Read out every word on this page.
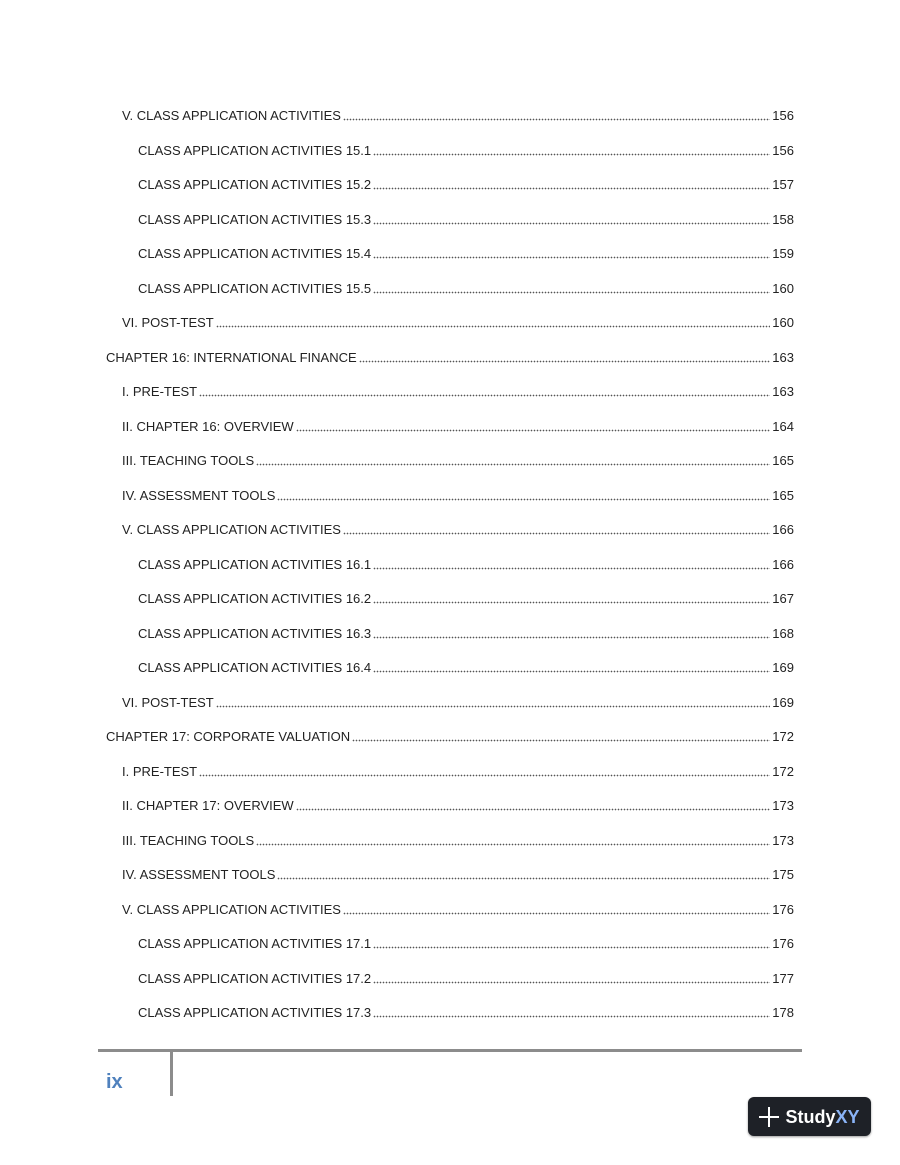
V. CLASS APPLICATION ACTIVITIES	156
CLASS APPLICATION ACTIVITIES 15.1	156
CLASS APPLICATION ACTIVITIES 15.2	157
CLASS APPLICATION ACTIVITIES 15.3	158
CLASS APPLICATION ACTIVITIES 15.4	159
CLASS APPLICATION ACTIVITIES 15.5	160
VI. POST-TEST	160
CHAPTER 16: INTERNATIONAL FINANCE	163
I. PRE-TEST	163
II. CHAPTER 16: OVERVIEW	164
III. TEACHING TOOLS	165
IV. ASSESSMENT TOOLS	165
V. CLASS APPLICATION ACTIVITIES	166
CLASS APPLICATION ACTIVITIES 16.1	166
CLASS APPLICATION ACTIVITIES 16.2	167
CLASS APPLICATION ACTIVITIES 16.3	168
CLASS APPLICATION ACTIVITIES 16.4	169
VI. POST-TEST	169
CHAPTER 17: CORPORATE VALUATION	172
I. PRE-TEST	172
II. CHAPTER 17: OVERVIEW	173
III. TEACHING TOOLS	173
IV. ASSESSMENT TOOLS	175
V. CLASS APPLICATION ACTIVITIES	176
CLASS APPLICATION ACTIVITIES 17.1	176
CLASS APPLICATION ACTIVITIES 17.2	177
CLASS APPLICATION ACTIVITIES 17.3	178
ix
StudyXY
